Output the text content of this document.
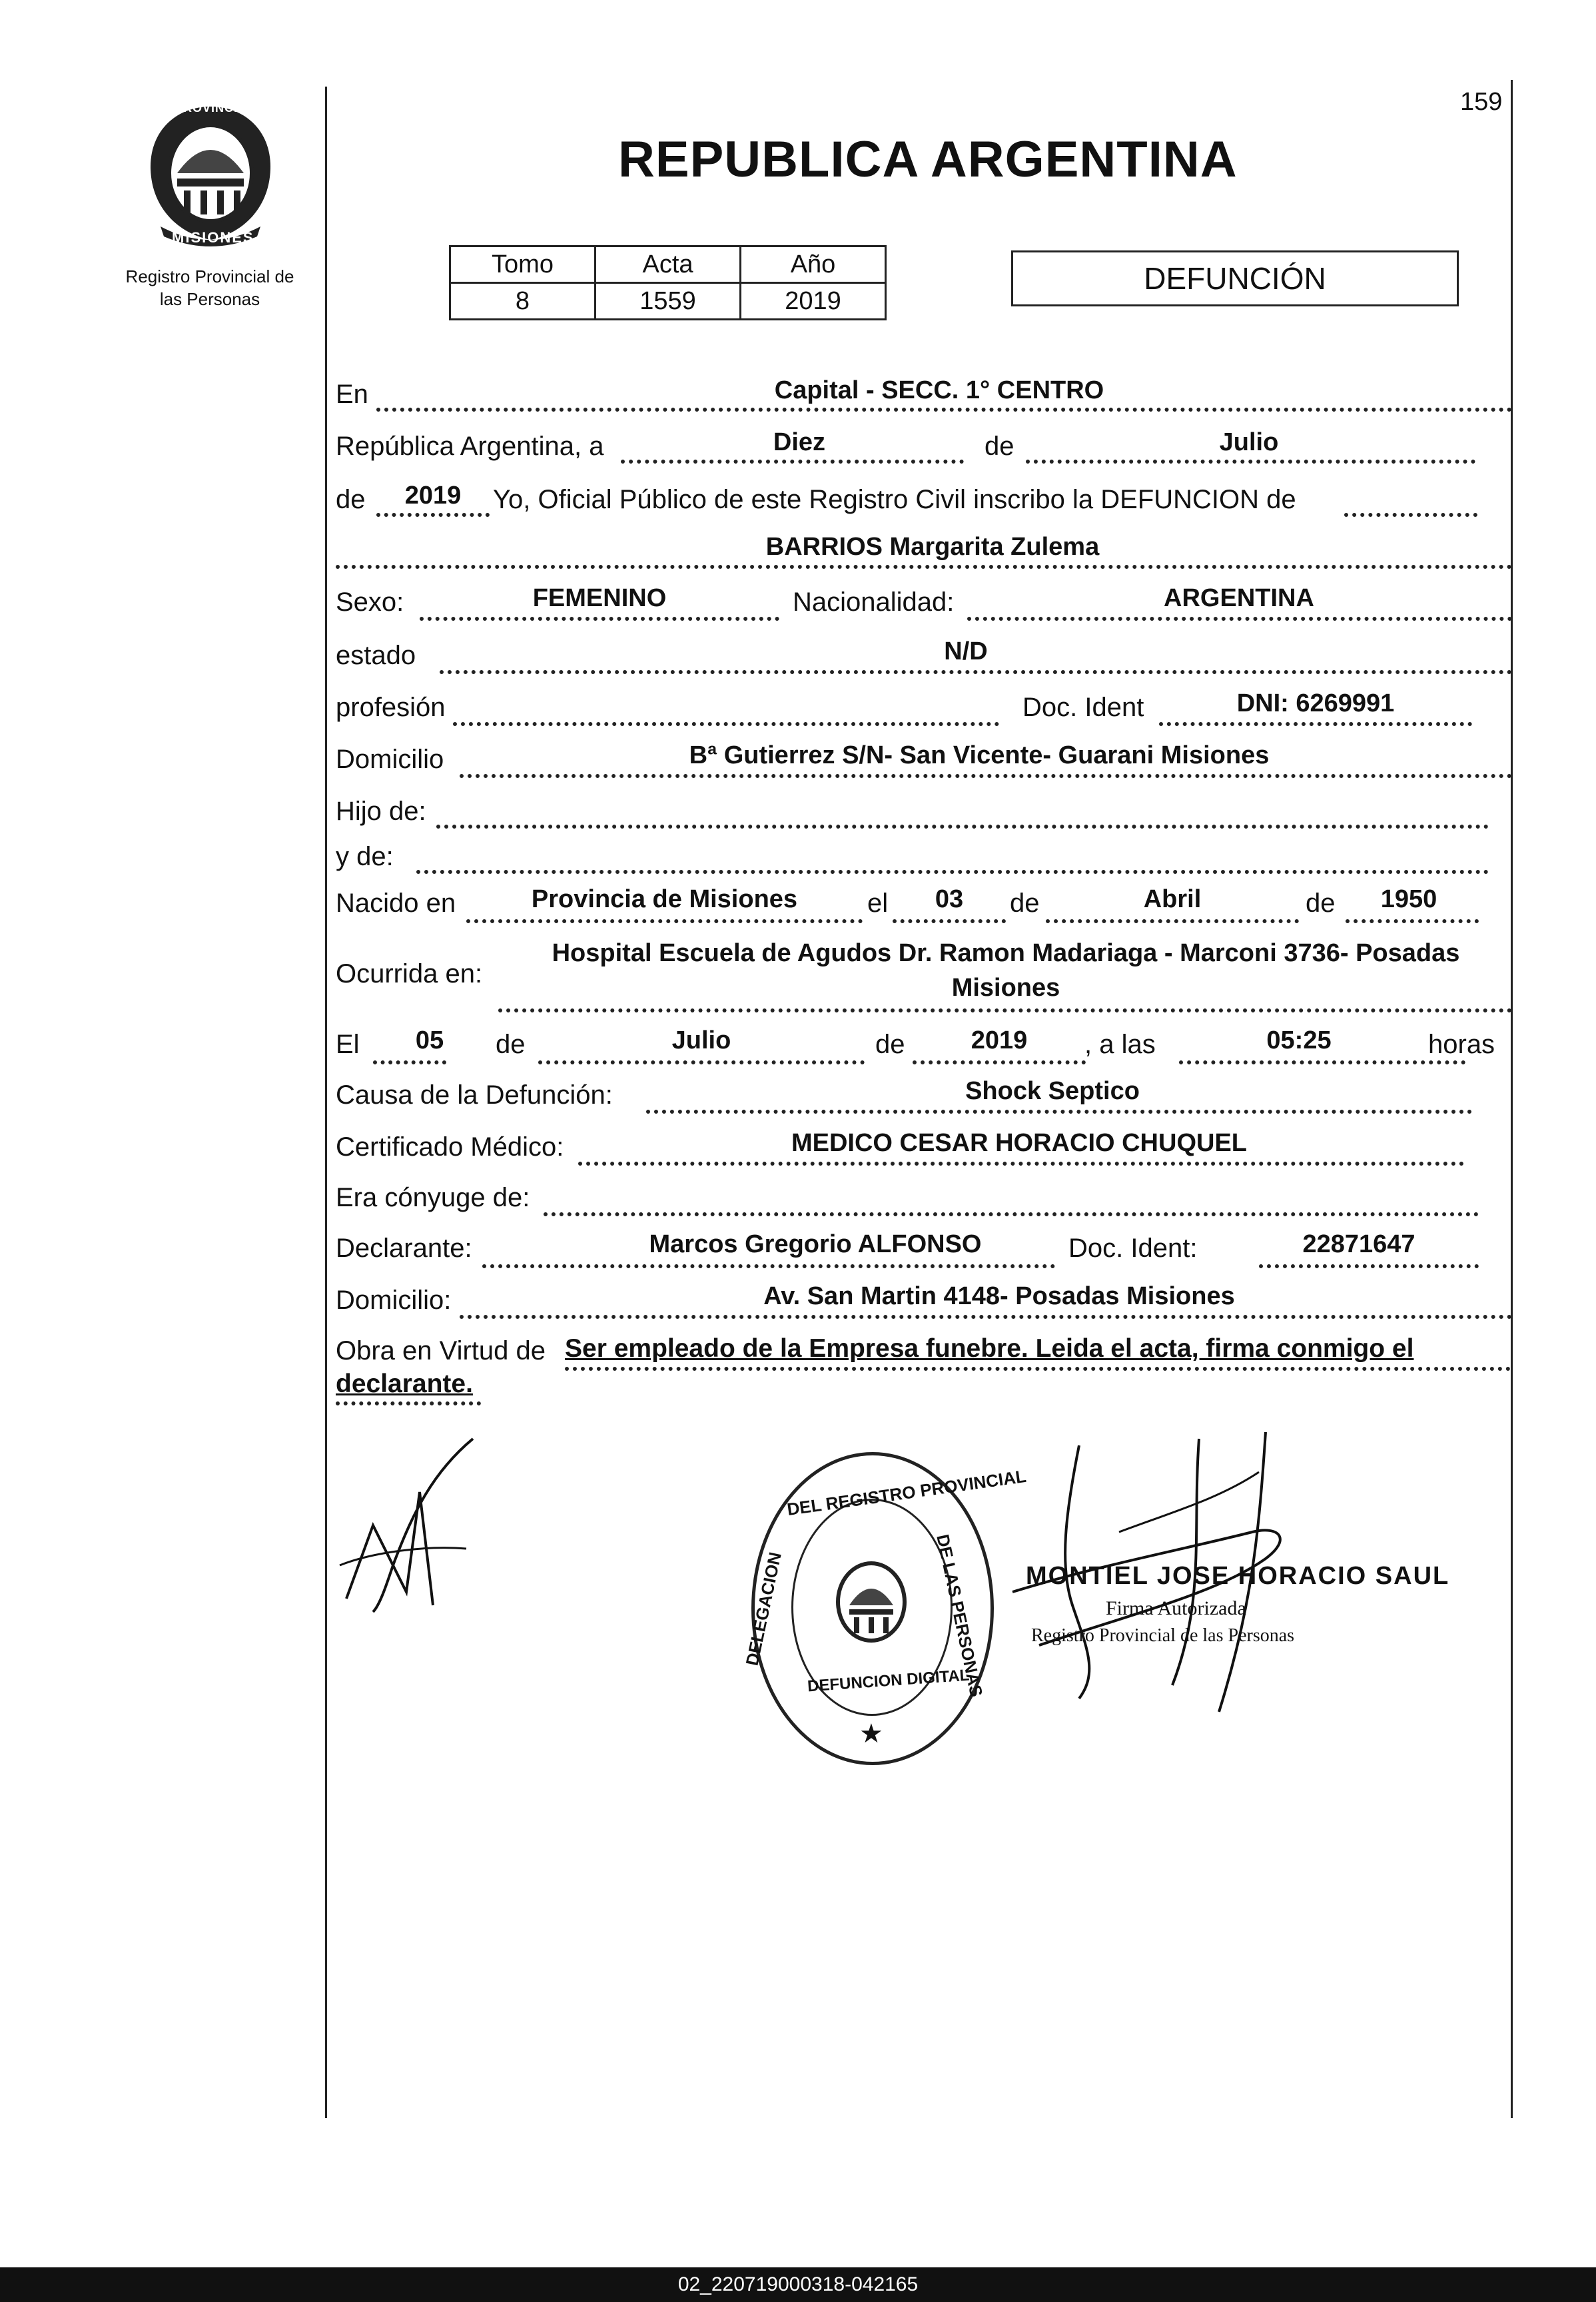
159
REPUBLICA ARGENTINA
PROVINCIA DE
MISIONES
Registro Provincial de
las Personas
Tomo	Acta	Año
8	1559	2019
DEFUNCIÓN
En	Capital - SECC. 1° CENTRO
República Argentina, a	Diez	de	Julio
de	2019	Yo, Oficial Público de este Registro Civil inscribo la DEFUNCION de
BARRIOS Margarita Zulema
Sexo:	FEMENINO	Nacionalidad:	ARGENTINA
estado	N/D
profesión	Doc. Ident	DNI: 6269991
Domicilio	Bª Gutierrez S/N- San Vicente- Guarani Misiones
Hijo de:
y de:
Nacido en	Provincia de Misiones	el	03	de	Abril	de	1950
Ocurrida en:
Hospital Escuela de Agudos Dr. Ramon Madariaga - Marconi 3736- Posadas
Misiones
El	05	de	Julio	de	2019	, a las	05:25	horas
Causa de la Defunción:	Shock Septico
Certificado Médico:	MEDICO CESAR HORACIO CHUQUEL
Era cónyuge de:
Declarante:	Marcos Gregorio ALFONSO	Doc. Ident:	22871647
Domicilio:	Av. San Martin 4148- Posadas Misiones
Obra en Virtud de Ser empleado de la Empresa funebre. Leida el acta, firma conmigo el
declarante.
DEL REGISTRO PROVINCIAL
DELEGACION	DE LAS PERSONAS
DEFUNCION DIGITAL
★
MONTIEL JOSE HORACIO SAUL
Firma Autorizada
Registro Provincial de las Personas
02_220719000318-042165
